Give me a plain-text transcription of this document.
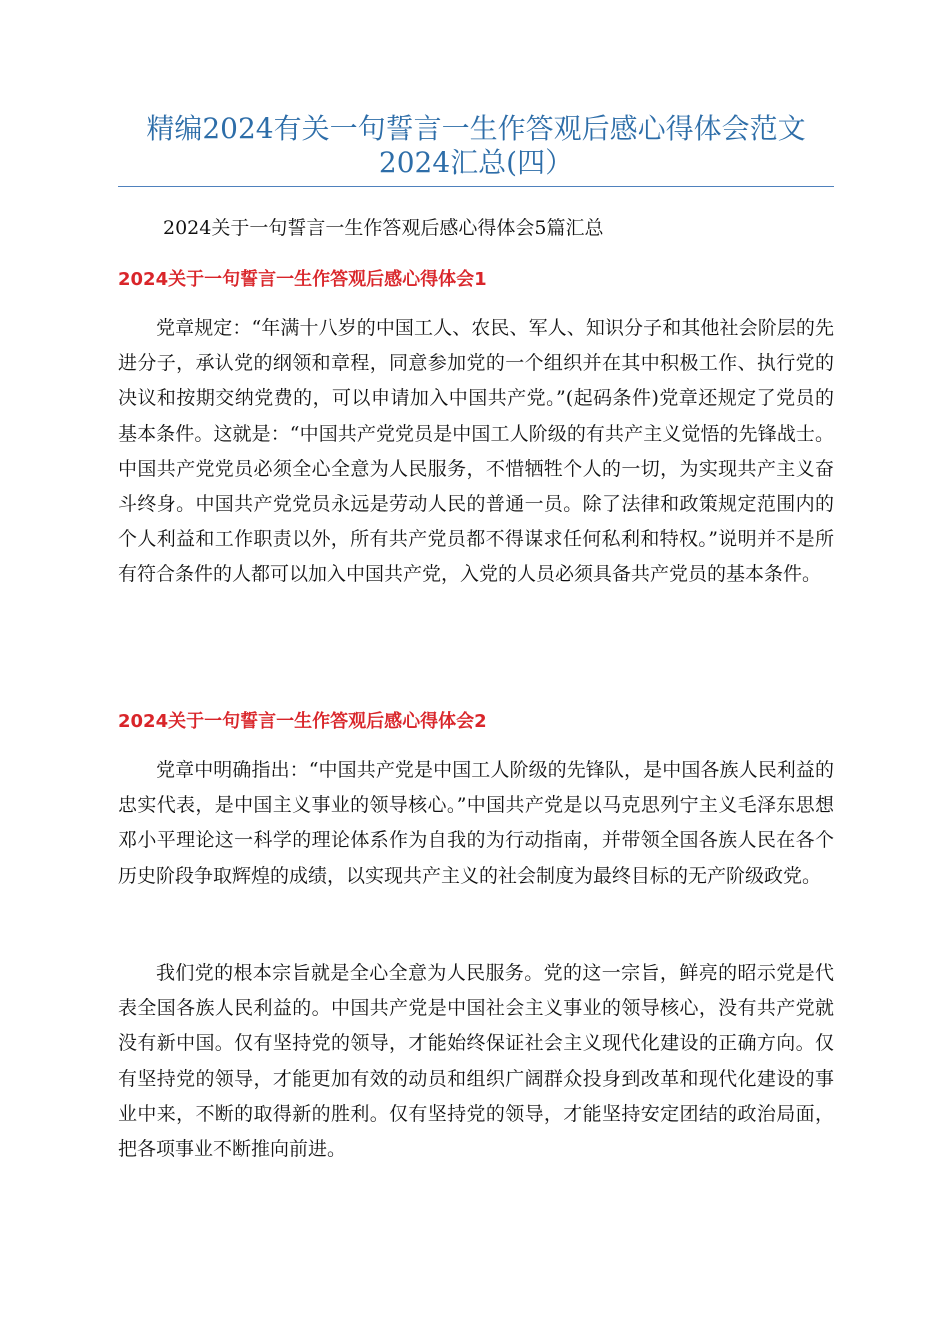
精编2024有关一句誓言一生作答观后感心得体会范文
2024汇总(四）

2024关于一句誓言一生作答观后感心得体会5篇汇总

2024关于一句誓言一生作答观后感心得体会1

党章规定：“年满十八岁的中国工人、农民、军人、知识分子和其他社会阶层的先进分子，承认党的纲领和章程，同意参加党的一个组织并在其中积极工作、执行党的决议和按期交纳党费的，可以申请加入中国共产党。”(起码条件)党章还规定了党员的基本条件。这就是：“中国共产党党员是中国工人阶级的有共产主义觉悟的先锋战士。中国共产党党员必须全心全意为人民服务，不惜牺牲个人的一切，为实现共产主义奋斗终身。中国共产党党员永远是劳动人民的普通一员。除了法律和政策规定范围内的个人利益和工作职责以外，所有共产党员都不得谋求任何私利和特权。”说明并不是所有符合条件的人都可以加入中国共产党，入党的人员必须具备共产党员的基本条件。

2024关于一句誓言一生作答观后感心得体会2

党章中明确指出：“中国共产党是中国工人阶级的先锋队，是中国各族人民利益的忠实代表，是中国主义事业的领导核心。”中国共产党是以马克思列宁主义毛泽东思想邓小平理论这一科学的理论体系作为自我的为行动指南，并带领全国各族人民在各个历史阶段争取辉煌的成绩，以实现共产主义的社会制度为最终目标的无产阶级政党。

我们党的根本宗旨就是全心全意为人民服务。党的这一宗旨，鲜亮的昭示党是代表全国各族人民利益的。中国共产党是中国社会主义事业的领导核心，没有共产党就没有新中国。仅有坚持党的领导，才能始终保证社会主义现代化建设的正确方向。仅有坚持党的领导，才能更加有效的动员和组织广阔群众投身到改革和现代化建设的事业中来，不断的取得新的胜利。仅有坚持党的领导，才能坚持安定团结的政治局面，把各项事业不断推向前进。
